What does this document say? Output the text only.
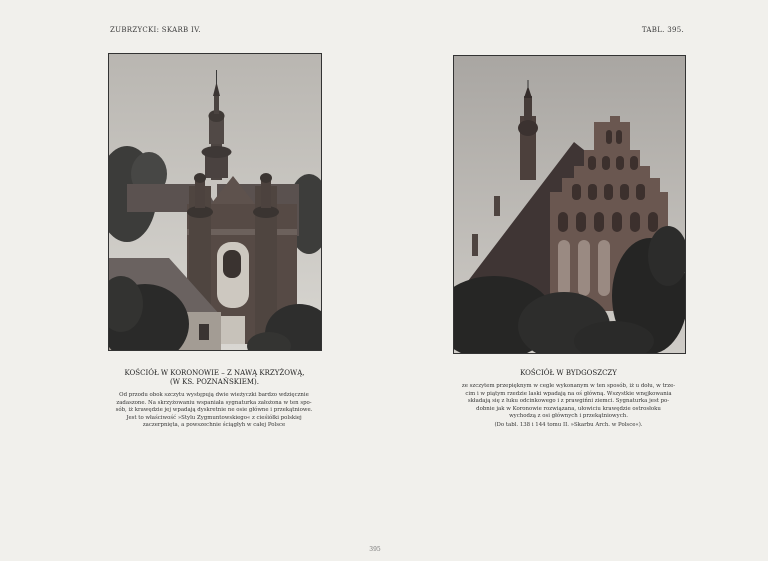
ZUBRZYCKI: SKARB IV.	TABL. 395.
KOŚCIÓŁ W KORONOWIE – Z NAWĄ KRZYŻOWĄ,
(W KS. POZNAŃSKIEM).

Od przodu obok szczytu występują dwie wieżyczki bardzo wdzięcznie

zadaszone. Na skrzyżowaniu wspaniała sygnaturka założona w ten spo-

sób, iż krawędzie jej wpadają dyskretnie ne osie główne i przekątniowe.

Jest to właściwość »Stylu Zygmuntowskiego« z cieśiółki polskiej

zaczerpnięta, a powszechnie ściągłyh w całej Polsce

KOŚCIÓŁ W BYDGOSZCZY

ze szczytem przepięknym w cegle wykonanym w ten sposób, iż u dołu, w trze-

cim i w piątym rzedzie laski wpadają na oś główną. Wszystkie wnęjkowania

składają się z łuku odcinkowego i z prawgińni ziemci. Sygnaturka jest po-

dobnie jak w Koronowie rozwiązana, ułowiciu krawędzie ostrosłoku

wychodzą z osi głównych i przekątniowych.

(Do tabl. 138 i 144 tomu II. »Skarbu Arch. w Polsce«).

395
